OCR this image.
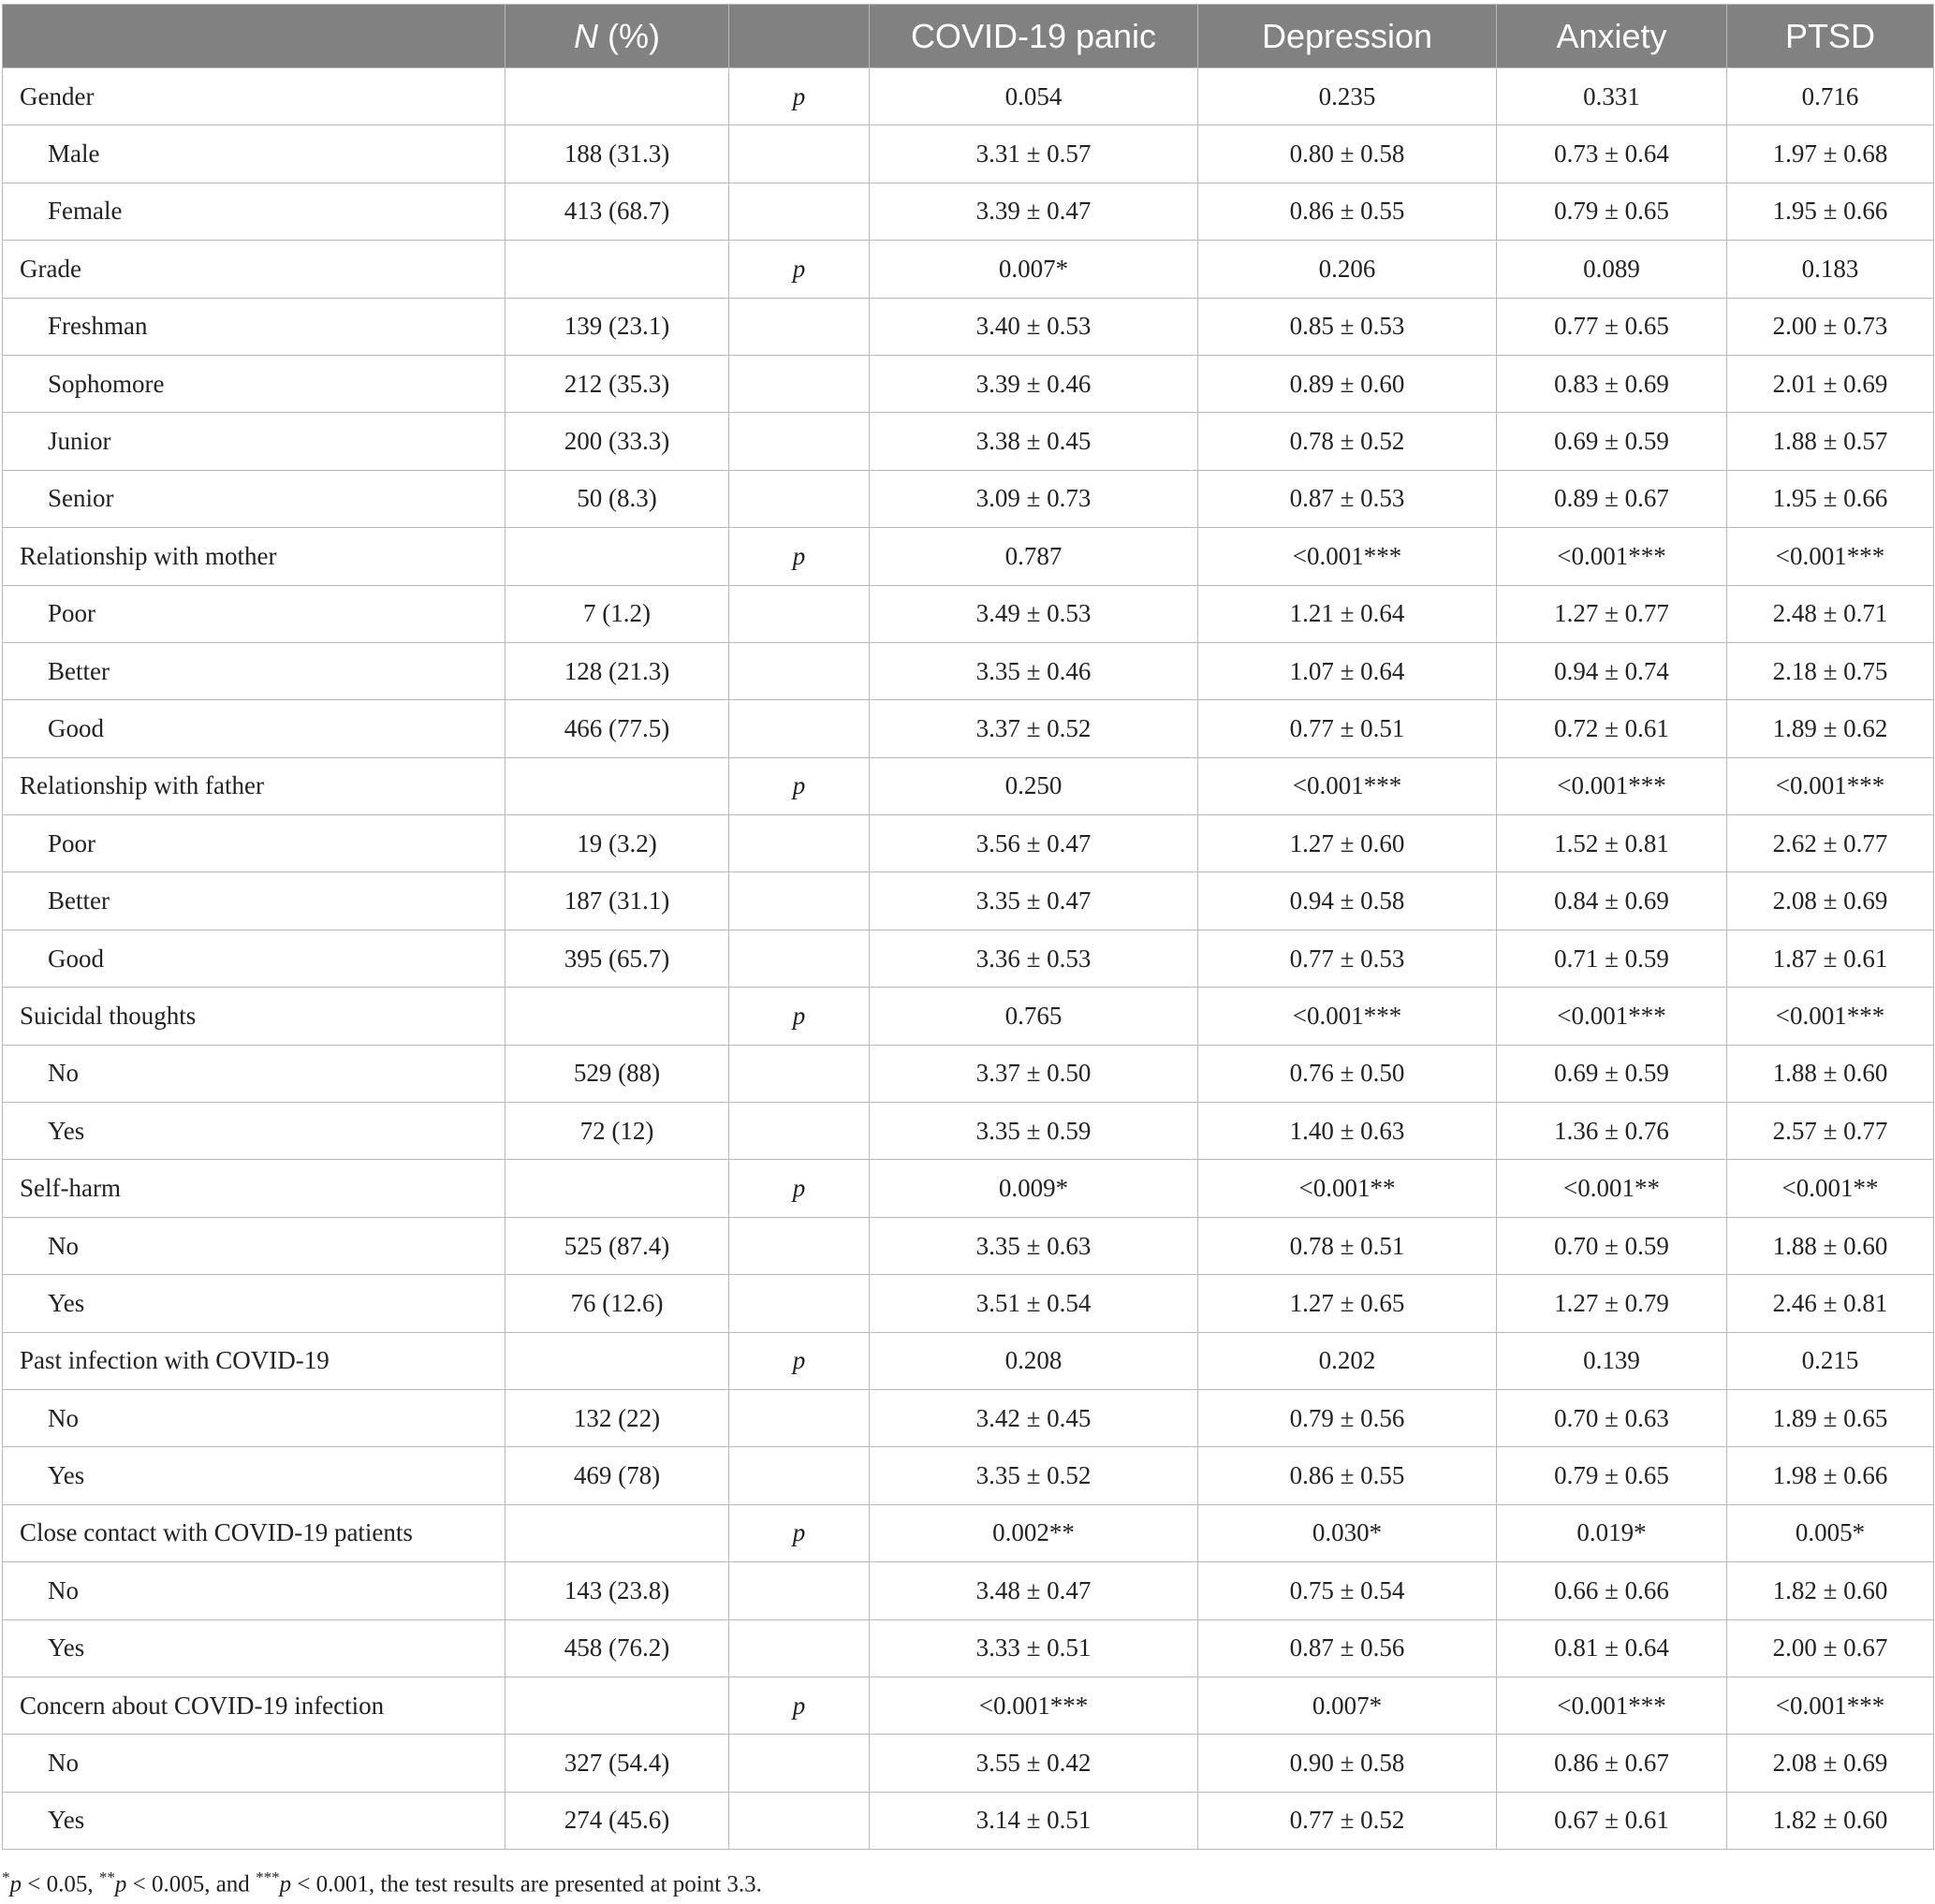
	N (%)		COVID-19 panic	Depression	Anxiety	PTSD
Gender		p	0.054	0.235	0.331	0.716
Male	188 (31.3)		3.31 ± 0.57	0.80 ± 0.58	0.73 ± 0.64	1.97 ± 0.68
Female	413 (68.7)		3.39 ± 0.47	0.86 ± 0.55	0.79 ± 0.65	1.95 ± 0.66
Grade		p	0.007*	0.206	0.089	0.183
Freshman	139 (23.1)		3.40 ± 0.53	0.85 ± 0.53	0.77 ± 0.65	2.00 ± 0.73
Sophomore	212 (35.3)		3.39 ± 0.46	0.89 ± 0.60	0.83 ± 0.69	2.01 ± 0.69
Junior	200 (33.3)		3.38 ± 0.45	0.78 ± 0.52	0.69 ± 0.59	1.88 ± 0.57
Senior	50 (8.3)		3.09 ± 0.73	0.87 ± 0.53	0.89 ± 0.67	1.95 ± 0.66
Relationship with mother		p	0.787	<0.001***	<0.001***	<0.001***
Poor	7 (1.2)		3.49 ± 0.53	1.21 ± 0.64	1.27 ± 0.77	2.48 ± 0.71
Better	128 (21.3)		3.35 ± 0.46	1.07 ± 0.64	0.94 ± 0.74	2.18 ± 0.75
Good	466 (77.5)		3.37 ± 0.52	0.77 ± 0.51	0.72 ± 0.61	1.89 ± 0.62
Relationship with father		p	0.250	<0.001***	<0.001***	<0.001***
Poor	19 (3.2)		3.56 ± 0.47	1.27 ± 0.60	1.52 ± 0.81	2.62 ± 0.77
Better	187 (31.1)		3.35 ± 0.47	0.94 ± 0.58	0.84 ± 0.69	2.08 ± 0.69
Good	395 (65.7)		3.36 ± 0.53	0.77 ± 0.53	0.71 ± 0.59	1.87 ± 0.61
Suicidal thoughts		p	0.765	<0.001***	<0.001***	<0.001***
No	529 (88)		3.37 ± 0.50	0.76 ± 0.50	0.69 ± 0.59	1.88 ± 0.60
Yes	72 (12)		3.35 ± 0.59	1.40 ± 0.63	1.36 ± 0.76	2.57 ± 0.77
Self-harm		p	0.009*	<0.001**	<0.001**	<0.001**
No	525 (87.4)		3.35 ± 0.63	0.78 ± 0.51	0.70 ± 0.59	1.88 ± 0.60
Yes	76 (12.6)		3.51 ± 0.54	1.27 ± 0.65	1.27 ± 0.79	2.46 ± 0.81
Past infection with COVID-19		p	0.208	0.202	0.139	0.215
No	132 (22)		3.42 ± 0.45	0.79 ± 0.56	0.70 ± 0.63	1.89 ± 0.65
Yes	469 (78)		3.35 ± 0.52	0.86 ± 0.55	0.79 ± 0.65	1.98 ± 0.66
Close contact with COVID-19 patients		p	0.002**	0.030*	0.019*	0.005*
No	143 (23.8)		3.48 ± 0.47	0.75 ± 0.54	0.66 ± 0.66	1.82 ± 0.60
Yes	458 (76.2)		3.33 ± 0.51	0.87 ± 0.56	0.81 ± 0.64	2.00 ± 0.67
Concern about COVID-19 infection		p	<0.001***	0.007*	<0.001***	<0.001***
No	327 (54.4)		3.55 ± 0.42	0.90 ± 0.58	0.86 ± 0.67	2.08 ± 0.69
Yes	274 (45.6)		3.14 ± 0.51	0.77 ± 0.52	0.67 ± 0.61	1.82 ± 0.60
*p < 0.05, **p < 0.005, and ***p < 0.001, the test results are presented at point 3.3.
